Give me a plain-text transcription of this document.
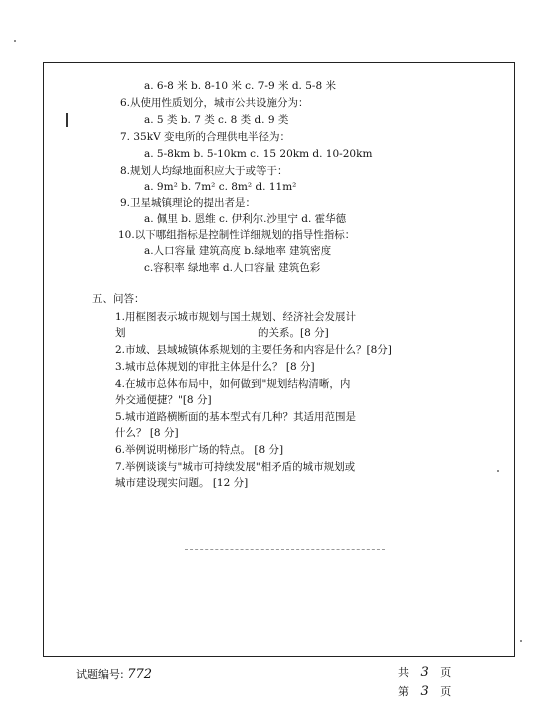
a. 6-8 米 b. 8-10 米 c. 7-9 米 d. 5-8 米
6.从使用性质划分，城市公共设施分为：
a. 5 类 b. 7 类 c. 8 类 d. 9 类
7. 35kV 变电所的合理供电半径为：
a. 5-8km b. 5-10km c. 15 20km d. 10-20km
8.规划人均绿地面积应大于或等于：
a. 9m² b. 7m² c. 8m² d. 11m²
9.卫星城镇理论的提出者是：
a. 佩里 b. 恩维 c. 伊利尔.沙里宁 d. 霍华德
10.以下哪组指标是控制性详细规划的指导性指标：
a.人口容量 建筑高度 b.绿地率 建筑密度
c.容积率 绿地率 d.人口容量 建筑色彩
五、问答：
1.用框图表示城市规划与国土规划、经济社会发展计
划	的关系。[8 分]
2.市域、县域城镇体系规划的主要任务和内容是什么？[8分]
3.城市总体规划的审批主体是什么？ [8 分]
4.在城市总体布局中，如何做到"规划结构清晰，内
外交通便捷？"[8 分]
5.城市道路横断面的基本型式有几种？其适用范围是
什么？ [8 分]
6.举例说明梯形广场的特点。 [8 分]
7.举例谈谈与"城市可持续发展"相矛盾的城市规划或
城市建设现实问题。 [12 分]
试题编号: 772	共 3 页
第 3 页
